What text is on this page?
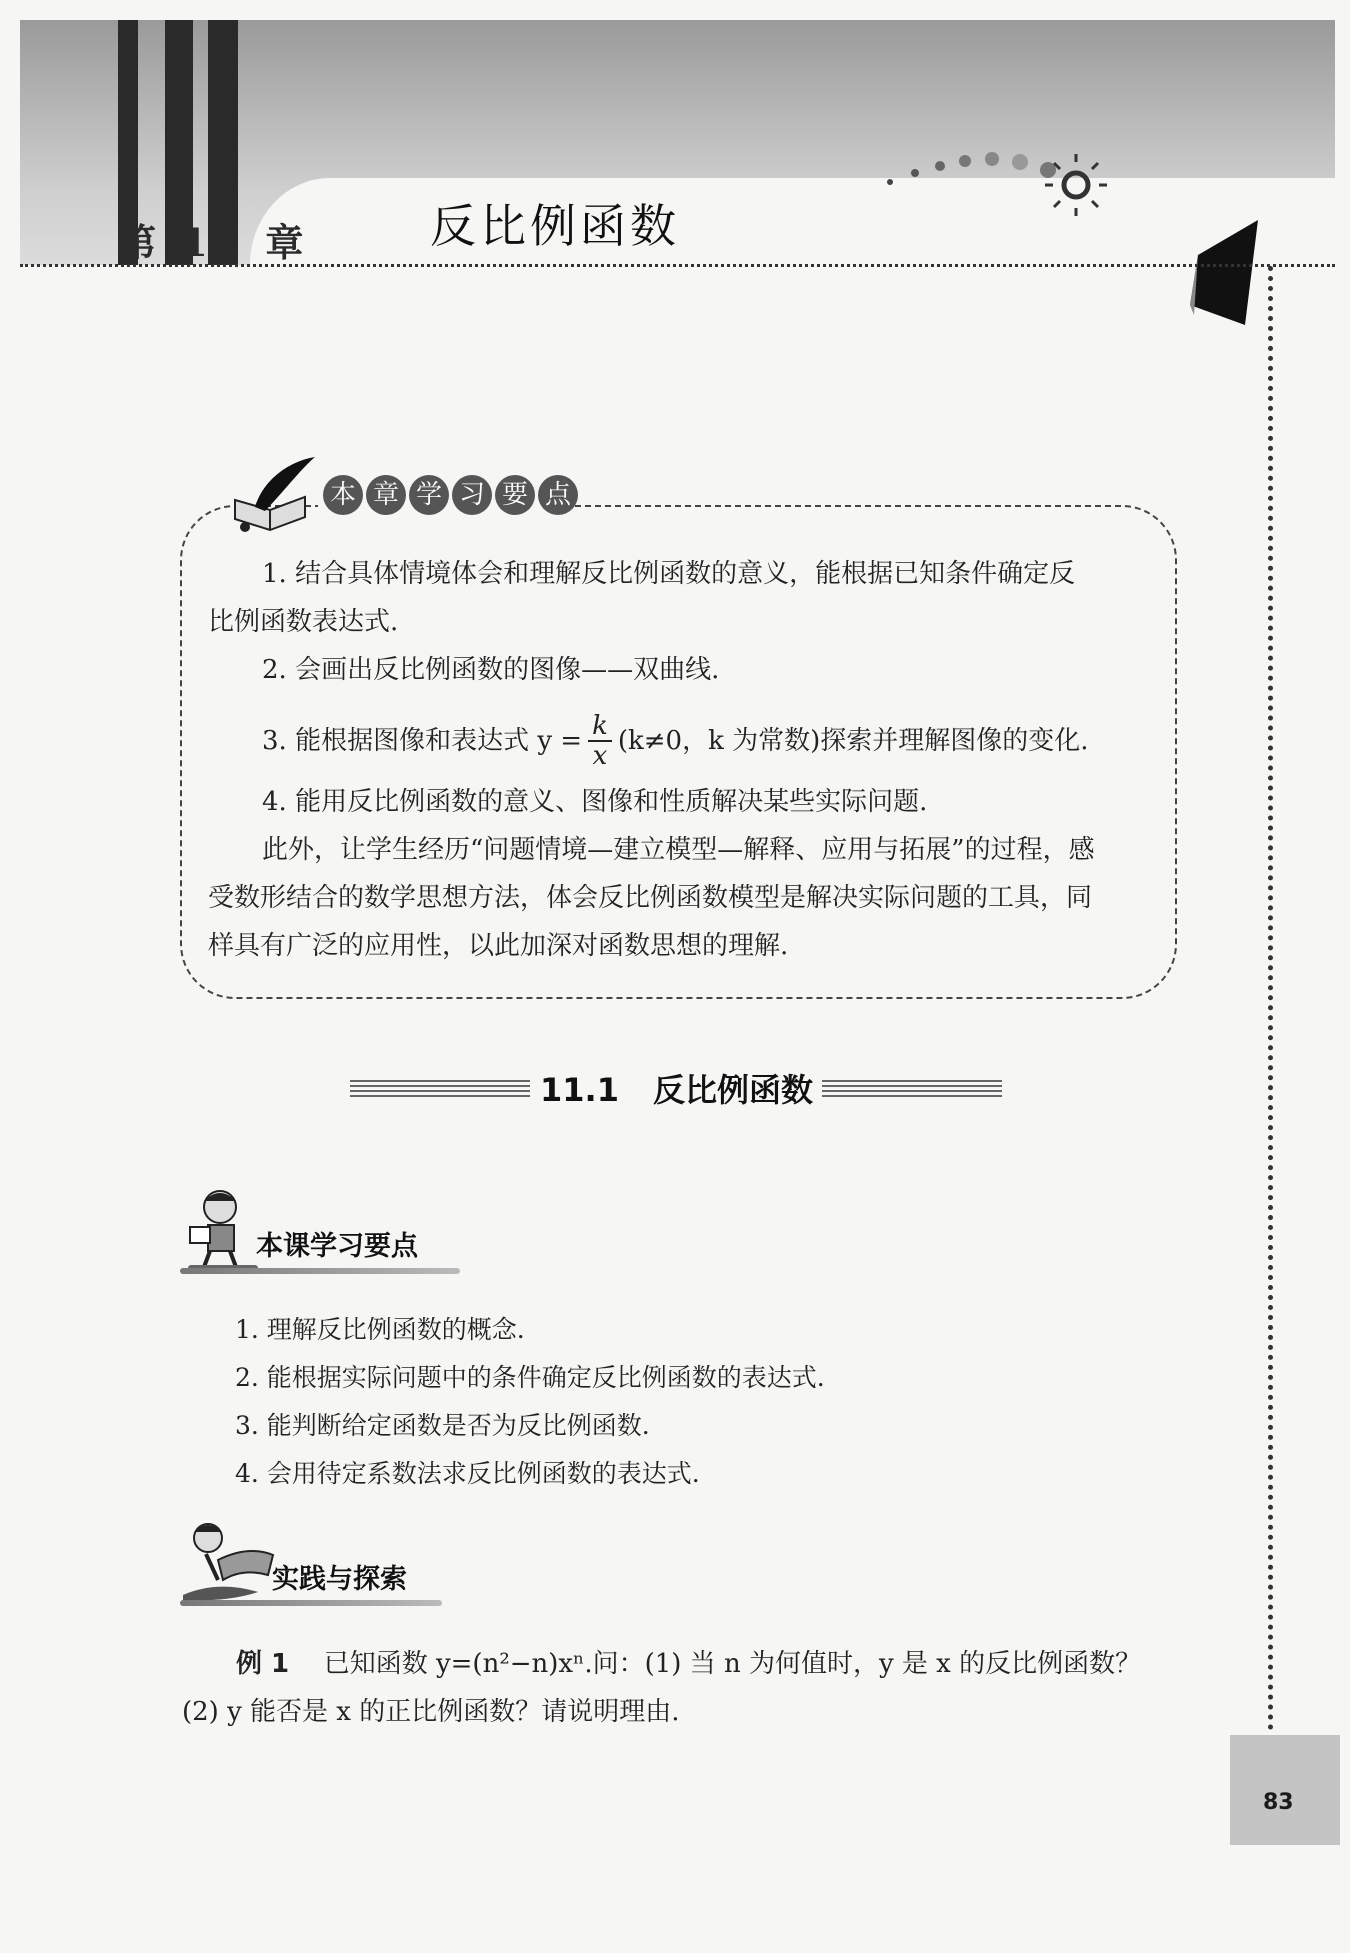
第 11 章	反比例函数
本 章 学 习 要 点
1. 结合具体情境体会和理解反比例函数的意义，能根据已知条件确定反
比例函数表达式.
2. 会画出反比例函数的图像——双曲线.
3. 能根据图像和表达式 $y = \frac{k}{x} (k\ne 0$，k 为常数)探索并理解图像的变化.
4. 能用反比例函数的意义、图像和性质解决某些实际问题.
此外，让学生经历“问题情境—建立模型—解释、应用与拓展”的过程，感
受数形结合的数学思想方法，体会反比例函数模型是解决实际问题的工具，同
样具有广泛的应用性，以此加深对函数思想的理解.
11.1 反比例函数
本课学习要点
1. 理解反比例函数的概念.
2. 能根据实际问题中的条件确定反比例函数的表达式.
3. 能判断给定函数是否为反比例函数.
4. 会用待定系数法求反比例函数的表达式.
实践与探索
例 1 已知函数 y=(n²−n)xⁿ.问：(1) 当 n 为何值时，y 是 x 的反比例函数？
(2) y 能否是 x 的正比例函数？请说明理由.
83
